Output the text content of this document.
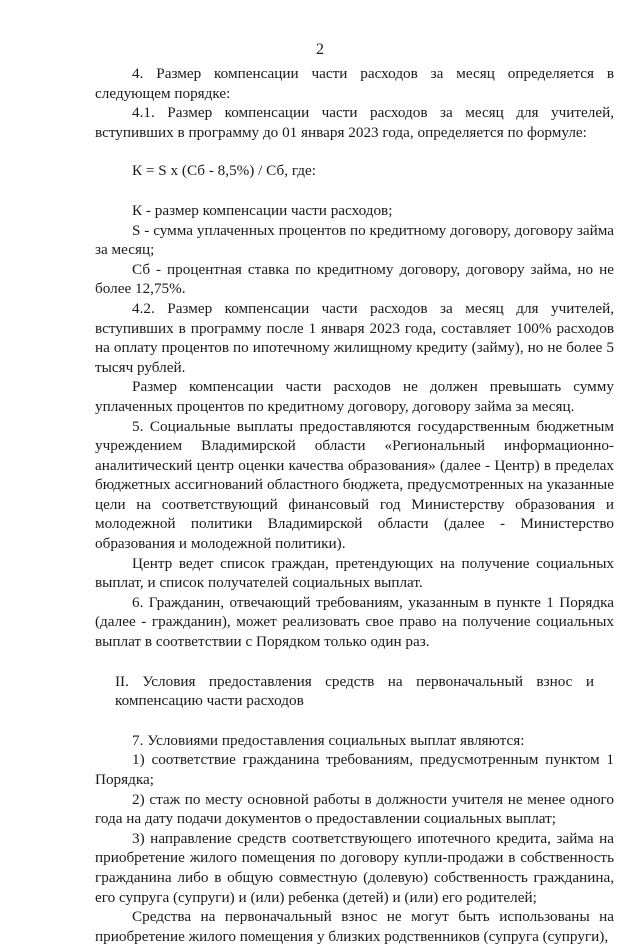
2

4. Размер компенсации части расходов за месяц определяется в следующем порядке:

4.1. Размер компенсации части расходов за месяц для учителей, вступивших в программу до 01 января 2023 года, определяется по формуле:

К = S х (Сб - 8,5%) / Сб, где:

К - размер компенсации части расходов;

S - сумма уплаченных процентов по кредитному договору, договору займа за месяц;

Сб - процентная ставка по кредитному договору, договору займа, но не более 12,75%.

4.2. Размер компенсации части расходов за месяц для учителей, вступивших в программу после 1 января 2023 года, составляет 100% расходов на оплату процентов по ипотечному жилищному кредиту (займу), но не более 5 тысяч рублей.

Размер компенсации части расходов не должен превышать сумму уплаченных процентов по кредитному договору, договору займа за месяц.

5. Социальные выплаты предоставляются государственным бюджетным учреждением Владимирской области «Региональный информационно-аналитический центр оценки качества образования» (далее - Центр) в пределах бюджетных ассигнований областного бюджета, предусмотренных на указанные цели на соответствующий финансовый год Министерству образования и молодежной политики Владимирской области (далее - Министерство образования и молодежной политики).

Центр ведет список граждан, претендующих на получение социальных выплат, и список получателей социальных выплат.

6. Гражданин, отвечающий требованиям, указанным в пункте 1 Порядка (далее - гражданин), может реализовать свое право на получение социальных выплат в соответствии с Порядком только один раз.

II. Условия предоставления средств на первоначальный взнос и компенсацию части расходов

7. Условиями предоставления социальных выплат являются:

1) соответствие гражданина требованиям, предусмотренным пунктом 1 Порядка;

2) стаж по месту основной работы в должности учителя не менее одного года на дату подачи документов о предоставлении социальных выплат;

3) направление средств соответствующего ипотечного кредита, займа на приобретение жилого помещения по договору купли-продажи в собственность гражданина либо в общую совместную (долевую) собственность гражданина, его супруга (супруги) и (или) ребенка (детей) и (или) его родителей;

Средства на первоначальный взнос не могут быть использованы на приобретение жилого помещения у близких родственников (супруга (супруги),
